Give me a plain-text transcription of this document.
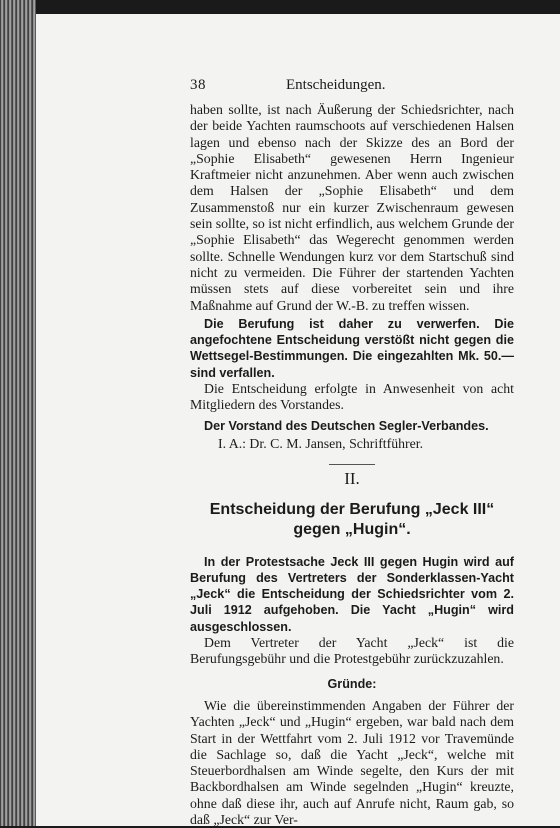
38	Entscheidungen.

haben sollte, ist nach Äußerung der Schiedsrichter, nach der beide Yachten raumschoots auf verschiedenen Halsen lagen und ebenso nach der Skizze des an Bord der „Sophie Elisabeth“ gewesenen Herrn Ingenieur Kraftmeier nicht anzunehmen. Aber wenn auch zwischen dem Halsen der „Sophie Elisabeth“ und dem Zusammenstoß nur ein kurzer Zwischenraum gewesen sein sollte, so ist nicht erfindlich, aus welchem Grunde der „Sophie Elisabeth“ das Wegerecht genommen werden sollte. Schnelle Wendungen kurz vor dem Startschuß sind nicht zu vermeiden. Die Führer der startenden Yachten müssen stets auf diese vorbereitet sein und ihre Maßnahme auf Grund der W.-B. zu treffen wissen.

Die Berufung ist daher zu verwerfen. Die angefochtene Entscheidung verstößt nicht gegen die Wettsegel-Bestimmungen. Die eingezahlten Mk. 50.— sind verfallen.

Die Entscheidung erfolgte in Anwesenheit von acht Mitgliedern des Vorstandes.

Der Vorstand des Deutschen Segler-Verbandes.

I. A.: Dr. C. M. Jansen, Schriftführer.

II.
Entscheidung der Berufung „Jeck III“ gegen „Hugin“.

In der Protestsache Jeck III gegen Hugin wird auf Berufung des Vertreters der Sonderklassen-Yacht „Jeck“ die Entscheidung der Schiedsrichter vom 2. Juli 1912 aufgehoben. Die Yacht „Hugin“ wird ausgeschlossen.

Dem Vertreter der Yacht „Jeck“ ist die Berufungsgebühr und die Protestgebühr zurückzuzahlen.

Gründe:

Wie die übereinstimmenden Angaben der Führer der Yachten „Jeck“ und „Hugin“ ergeben, war bald nach dem Start in der Wettfahrt vom 2. Juli 1912 vor Travemünde die Sachlage so, daß die Yacht „Jeck“, welche mit Steuerbordhalsen am Winde segelte, den Kurs der mit Backbordhalsen am Winde segelnden „Hugin“ kreuzte, ohne daß diese ihr, auch auf Anrufe nicht, Raum gab, so daß „Jeck“ zur Ver-
